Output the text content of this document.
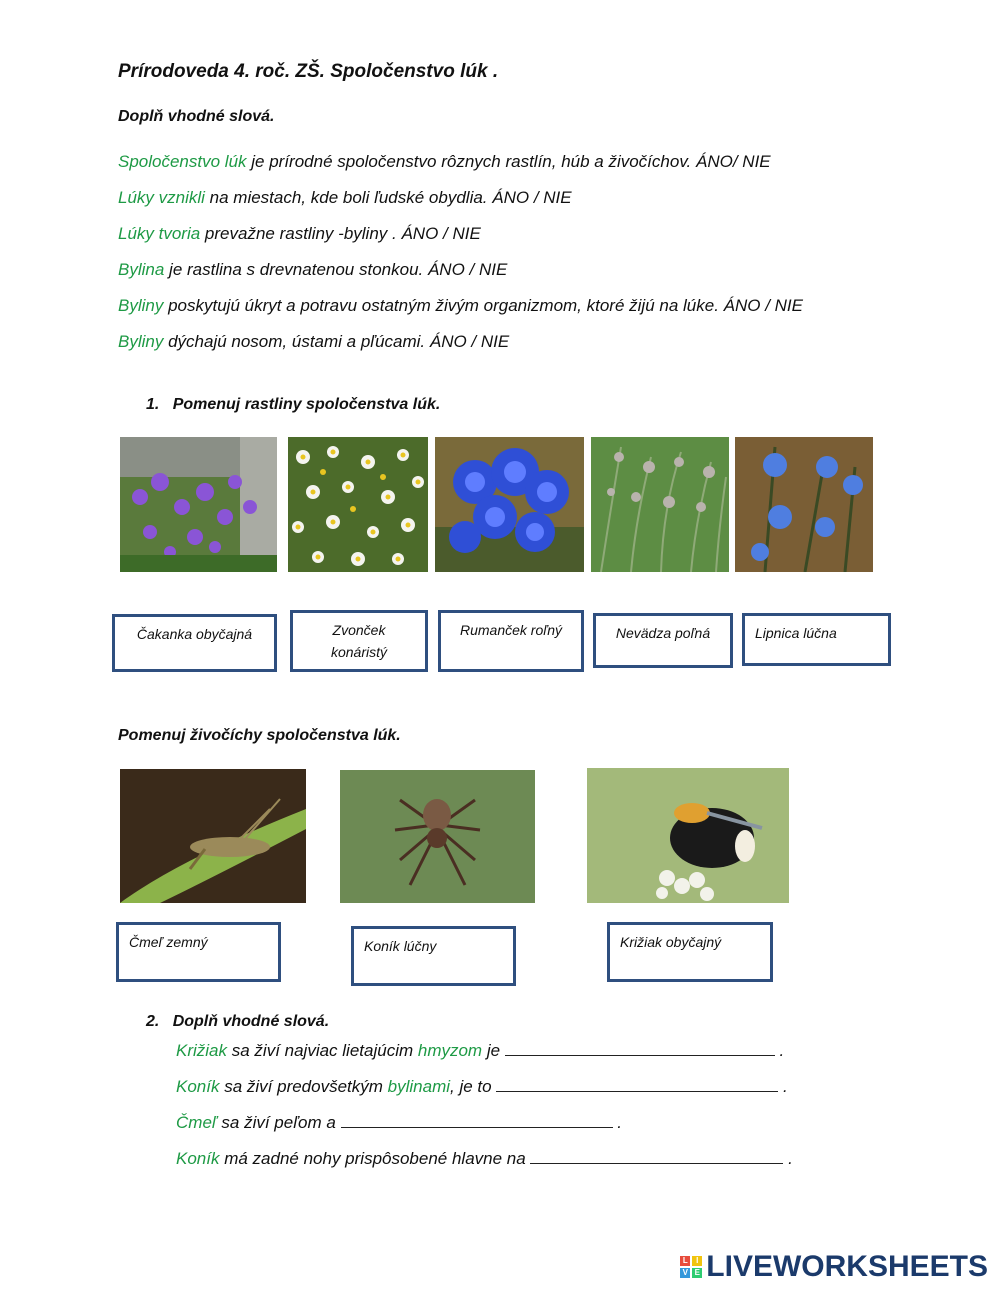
Prírodoveda 4. roč. ZŠ. Spoločenstvo lúk .
Doplň vhodné slová.
Spoločenstvo lúk je prírodné spoločenstvo rôznych rastlín, húb a živočíchov. ÁNO/ NIE
Lúky vznikli na miestach, kde boli ľudské obydlia. ÁNO / NIE
Lúky tvoria prevažne rastliny -byliny . ÁNO / NIE
Bylina je rastlina s drevnatenou stonkou. ÁNO / NIE
Byliny poskytujú úkryt a potravu ostatným živým organizmom, ktoré žijú na lúke. ÁNO / NIE
Byliny dýchajú nosom, ústami a pľúcami. ÁNO / NIE
1. Pomenuj rastliny spoločenstva lúk.
Čakanka obyčajná	Zvonček konáristý
Rumanček roľný	Nevädza poľná	Lipnica lúčna
Pomenuj živočíchy spoločenstva lúk.
Čmeľ zemný	Koník lúčny	Križiak obyčajný
2. Doplň vhodné slová.
Križiak sa živí najviac lietajúcim hmyzom je	.
Koník sa živí predovšetkým bylinami, je to	.
Čmeľ sa živí peľom a	.
Koník má zadné nohy prispôsobené hlavne na	.
L	I
V E LIVEWORKSHEETS
